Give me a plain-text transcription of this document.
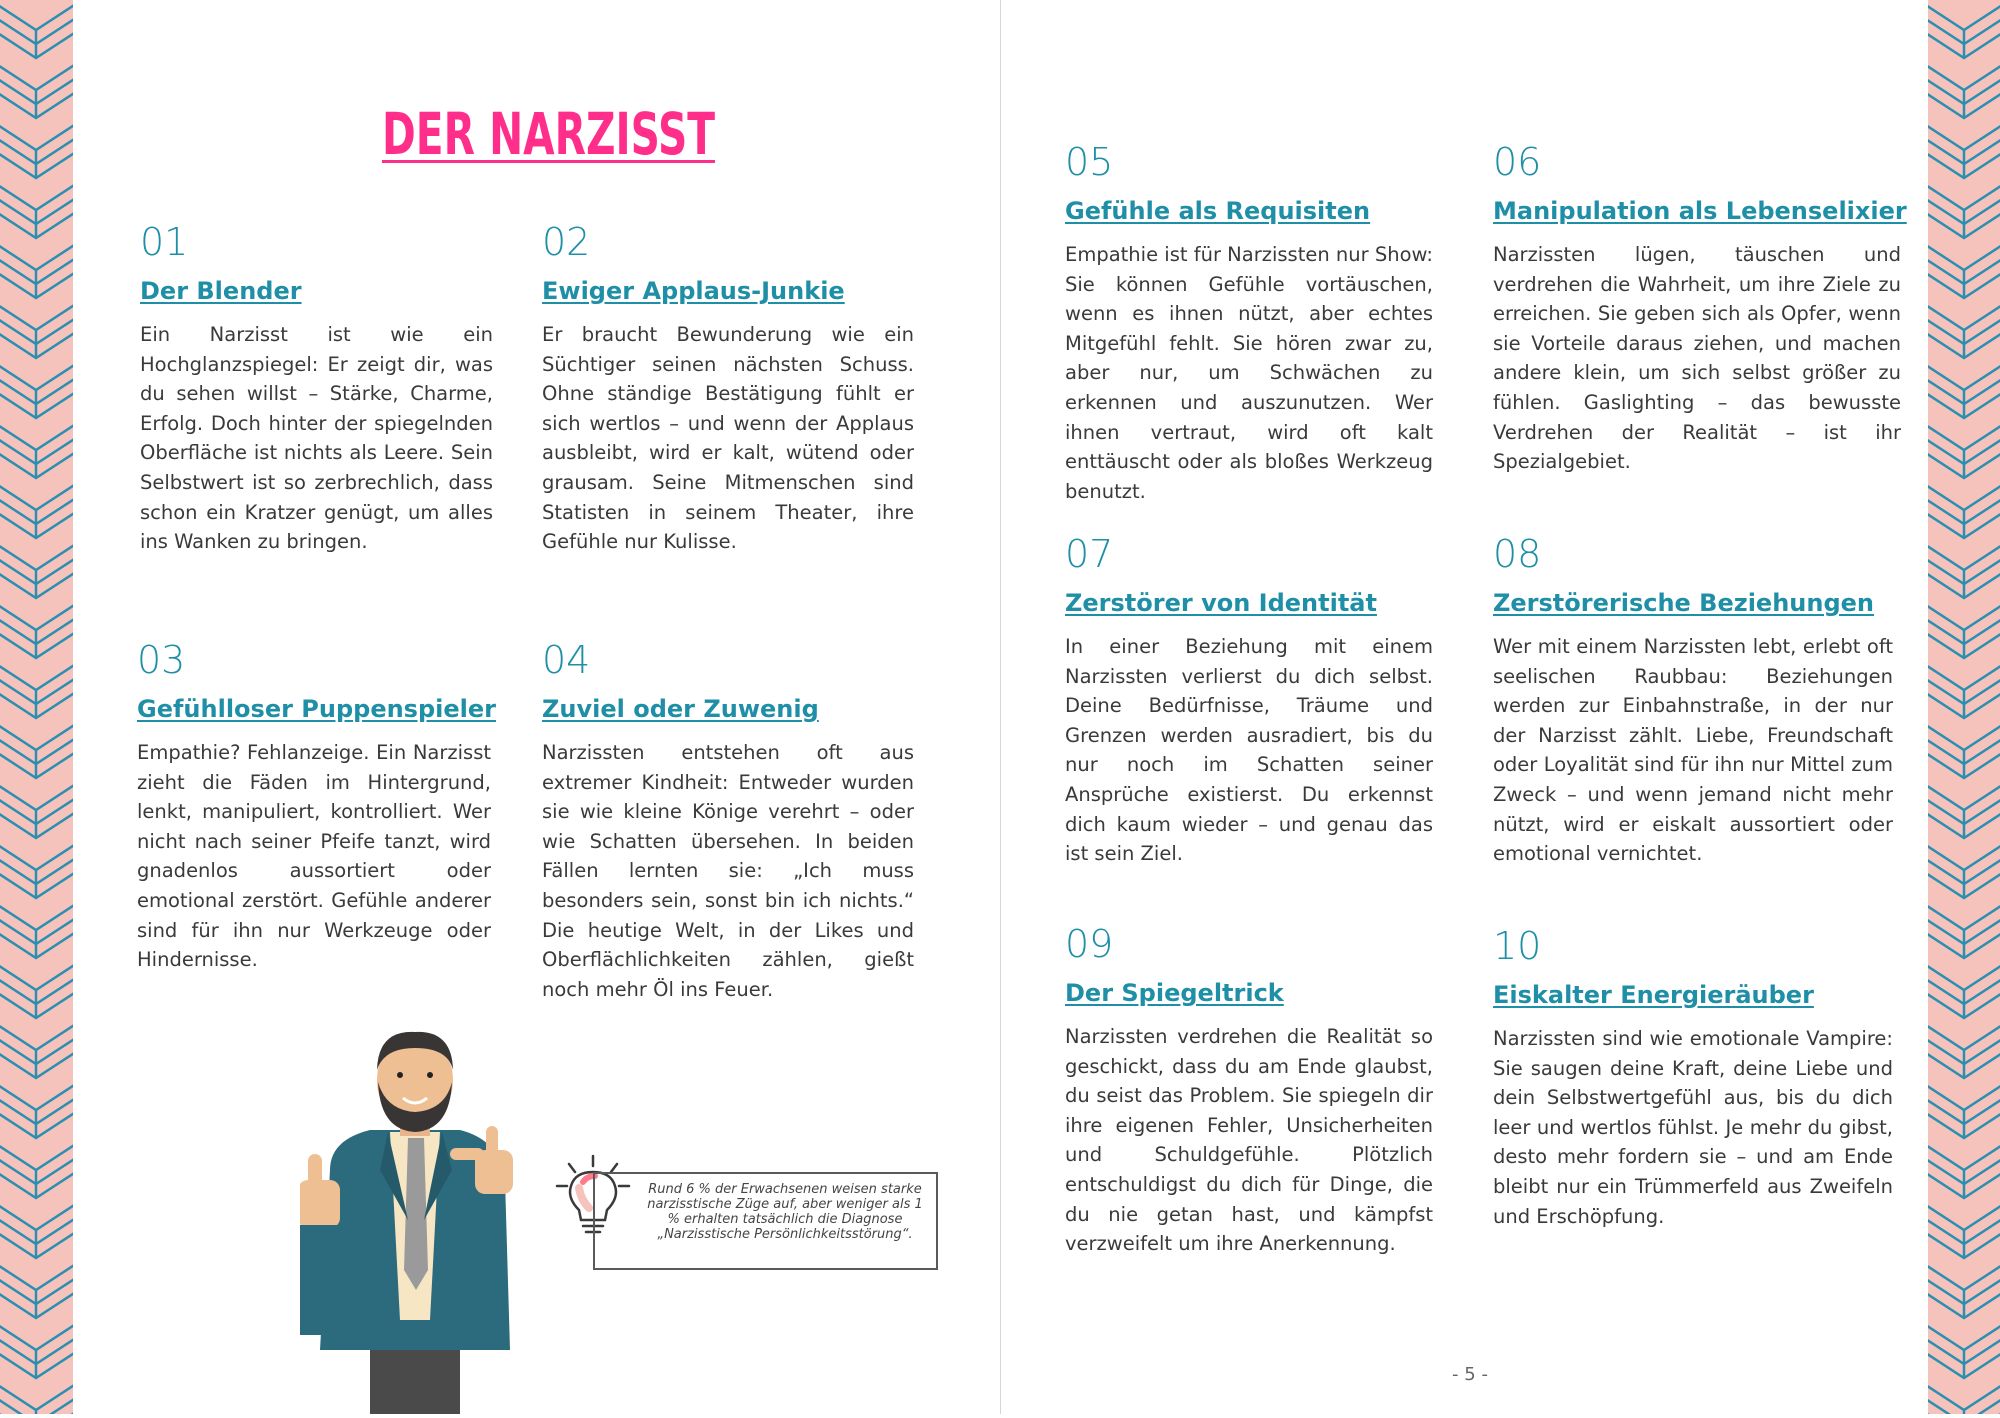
DER NARZISST
01
Der Blender
Ein Narzisst ist wie ein Hochglanzspiegel: Er zeigt dir, was du sehen willst – Stärke, Charme, Erfolg. Doch hinter der spiegelnden Oberfläche ist nichts als Leere. Sein Selbstwert ist so zerbrechlich, dass schon ein Kratzer genügt, um alles ins Wanken zu bringen.
02
Ewiger Applaus-Junkie
Er braucht Bewunderung wie ein Süchtiger seinen nächsten Schuss. Ohne ständige Bestätigung fühlt er sich wertlos – und wenn der Applaus ausbleibt, wird er kalt, wütend oder grausam. Seine Mitmenschen sind Statisten in seinem Theater, ihre Gefühle nur Kulisse.
03
Gefühlloser Puppenspieler
Empathie? Fehlanzeige. Ein Narzisst zieht die Fäden im Hintergrund, lenkt, manipuliert, kontrolliert. Wer nicht nach seiner Pfeife tanzt, wird gnadenlos aussortiert oder emotional zerstört. Gefühle anderer sind für ihn nur Werkzeuge oder Hindernisse.
04
Zuviel oder Zuwenig
Narzissten entstehen oft aus extremer Kindheit: Entweder wurden sie wie kleine Könige verehrt – oder wie Schatten übersehen. In beiden Fällen lernten sie: „Ich muss besonders sein, sonst bin ich nichts.“ Die heutige Welt, in der Likes und Oberflächlichkeiten zählen, gießt noch mehr Öl ins Feuer.
05
Gefühle als Requisiten
Empathie ist für Narzissten nur Show: Sie können Gefühle vortäuschen, wenn es ihnen nützt, aber echtes Mitgefühl fehlt. Sie hören zwar zu, aber nur, um Schwächen zu erkennen und auszunutzen. Wer ihnen vertraut, wird oft kalt enttäuscht oder als bloßes Werkzeug benutzt.
06
Manipulation als Lebenselixier
Narzissten lügen, täuschen und verdrehen die Wahrheit, um ihre Ziele zu erreichen. Sie geben sich als Opfer, wenn sie Vorteile daraus ziehen, und machen andere klein, um sich selbst größer zu fühlen. Gaslighting – das bewusste Verdrehen der Realität – ist ihr Spezialgebiet.
07
Zerstörer von Identität
In einer Beziehung mit einem Narzissten verlierst du dich selbst. Deine Bedürfnisse, Träume und Grenzen werden ausradiert, bis du nur noch im Schatten seiner Ansprüche existierst. Du erkennst dich kaum wieder – und genau das ist sein Ziel.
08
Zerstörerische Beziehungen
Wer mit einem Narzissten lebt, erlebt oft seelischen Raubbau: Beziehungen werden zur Einbahnstraße, in der nur der Narzisst zählt. Liebe, Freundschaft oder Loyalität sind für ihn nur Mittel zum Zweck – und wenn jemand nicht mehr nützt, wird er eiskalt aussortiert oder emotional vernichtet.
09
Der Spiegeltrick
Narzissten verdrehen die Realität so geschickt, dass du am Ende glaubst, du seist das Problem. Sie spiegeln dir ihre eigenen Fehler, Unsicherheiten und Schuldgefühle. Plötzlich entschuldigst du dich für Dinge, die du nie getan hast, und kämpfst verzweifelt um ihre Anerkennung.
10
Eiskalter Energieräuber
Narzissten sind wie emotionale Vampire: Sie saugen deine Kraft, deine Liebe und dein Selbstwertgefühl aus, bis du dich leer und wertlos fühlst. Je mehr du gibst, desto mehr fordern sie – und am Ende bleibt nur ein Trümmerfeld aus Zweifeln und Erschöpfung.
Rund 6 % der Erwachsenen weisen starke narzisstische Züge auf, aber weniger als 1 % erhalten tatsächlich die Diagnose „Narzisstische Persönlichkeitsstörung“.
- 5 -
